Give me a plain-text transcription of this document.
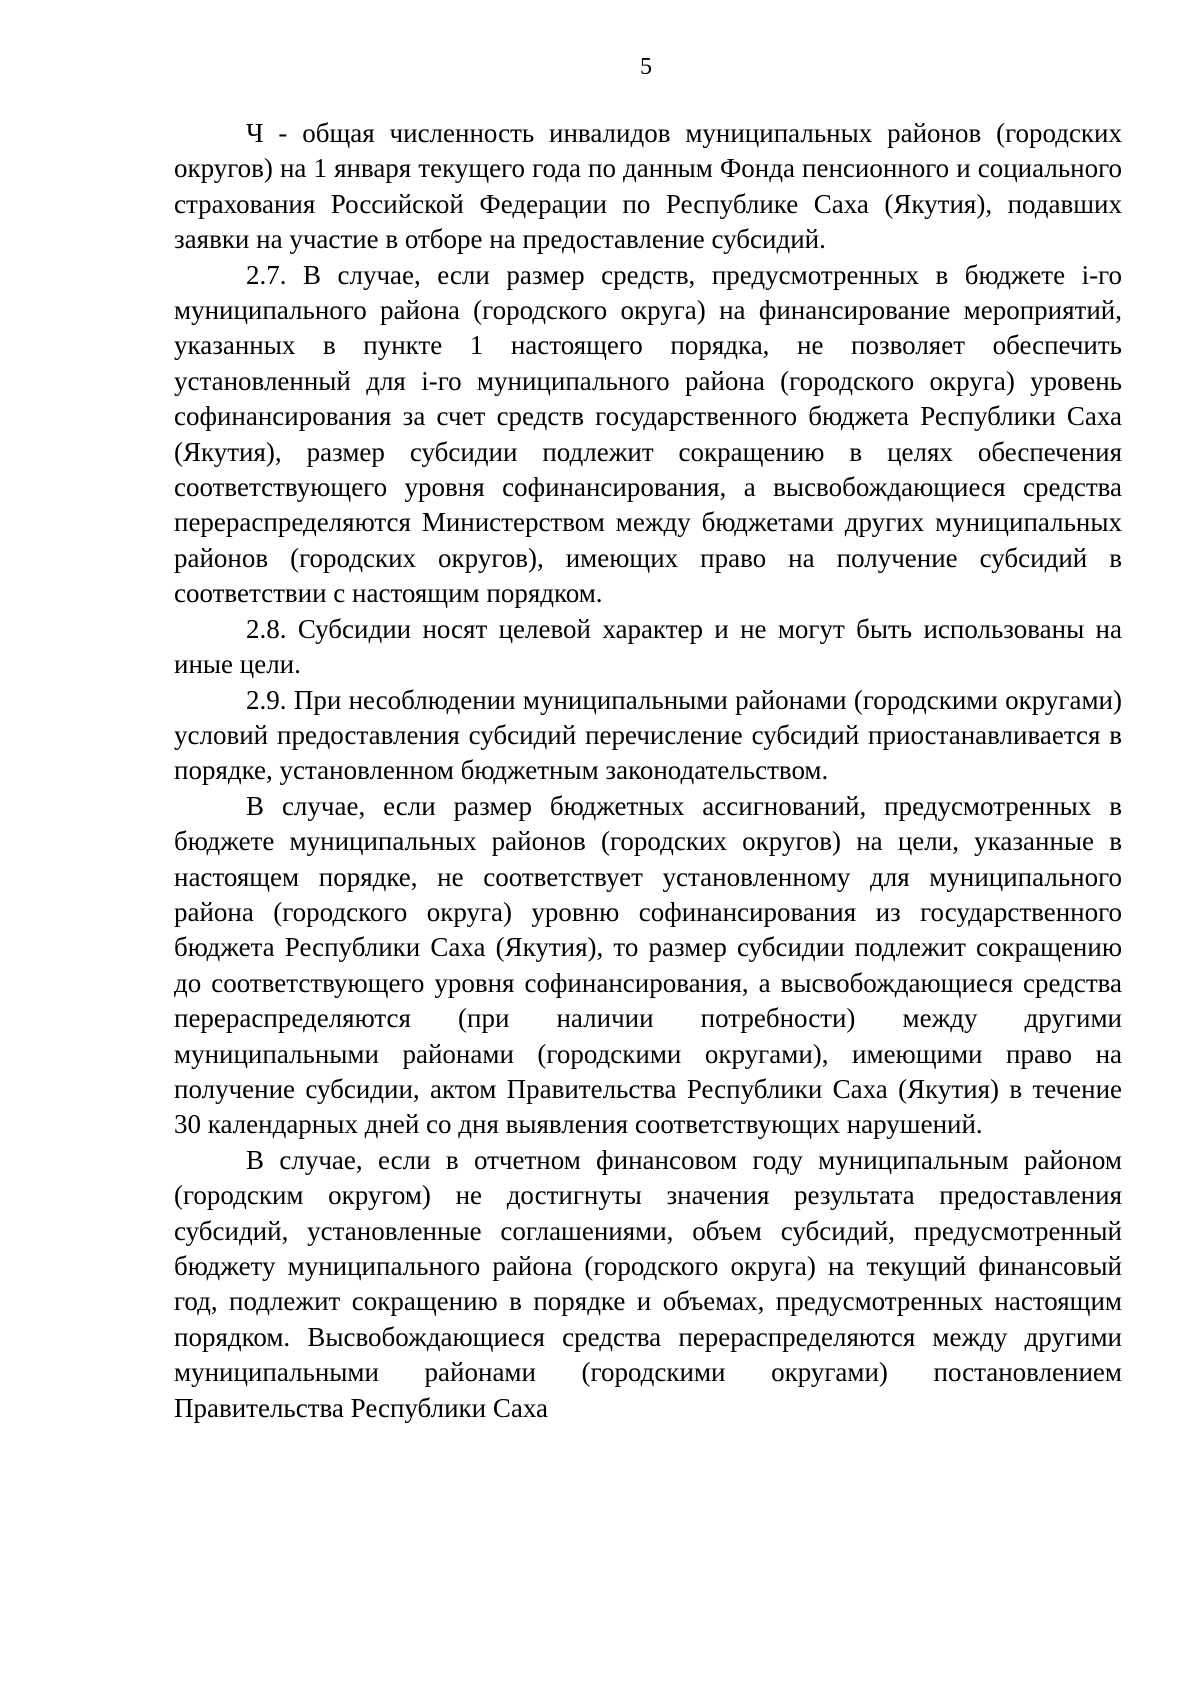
5

Ч - общая численность инвалидов муниципальных районов (городских округов) на 1 января текущего года по данным Фонда пенсионного и социального страхования Российской Федерации по Республике Саха (Якутия), подавших заявки на участие в отборе на предоставление субсидий.

2.7. В случае, если размер средств, предусмотренных в бюджете i-го муниципального района (городского округа) на финансирование мероприятий, указанных в пункте 1 настоящего порядка, не позволяет обеспечить установленный для i-го муниципального района (городского округа) уровень софинансирования за счет средств государственного бюджета Республики Саха (Якутия), размер субсидии подлежит сокращению в целях обеспечения соответствующего уровня софинансирования, а высвобождающиеся средства перераспределяются Министерством между бюджетами других муниципальных районов (городских округов), имеющих право на получение субсидий в соответствии с настоящим порядком.

2.8. Субсидии носят целевой характер и не могут быть использованы на иные цели.

2.9. При несоблюдении муниципальными районами (городскими округами) условий предоставления субсидий перечисление субсидий приостанавливается в порядке, установленном бюджетным законодательством.

В случае, если размер бюджетных ассигнований, предусмотренных в бюджете муниципальных районов (городских округов) на цели, указанные в настоящем порядке, не соответствует установленному для муниципального района (городского округа) уровню софинансирования из государственного бюджета Республики Саха (Якутия), то размер субсидии подлежит сокращению до соответствующего уровня софинансирования, а высвобождающиеся средства перераспределяются (при наличии потребности) между другими муниципальными районами (городскими округами), имеющими право на получение субсидии, актом Правительства Республики Саха (Якутия) в течение 30 календарных дней со дня выявления соответствующих нарушений.

В случае, если в отчетном финансовом году муниципальным районом (городским округом) не достигнуты значения результата предоставления субсидий, установленные соглашениями, объем субсидий, предусмотренный бюджету муниципального района (городского округа) на текущий финансовый год, подлежит сокращению в порядке и объемах, предусмотренных настоящим порядком. Высвобождающиеся средства перераспределяются между другими муниципальными районами (городскими округами) постановлением Правительства Республики Саха
